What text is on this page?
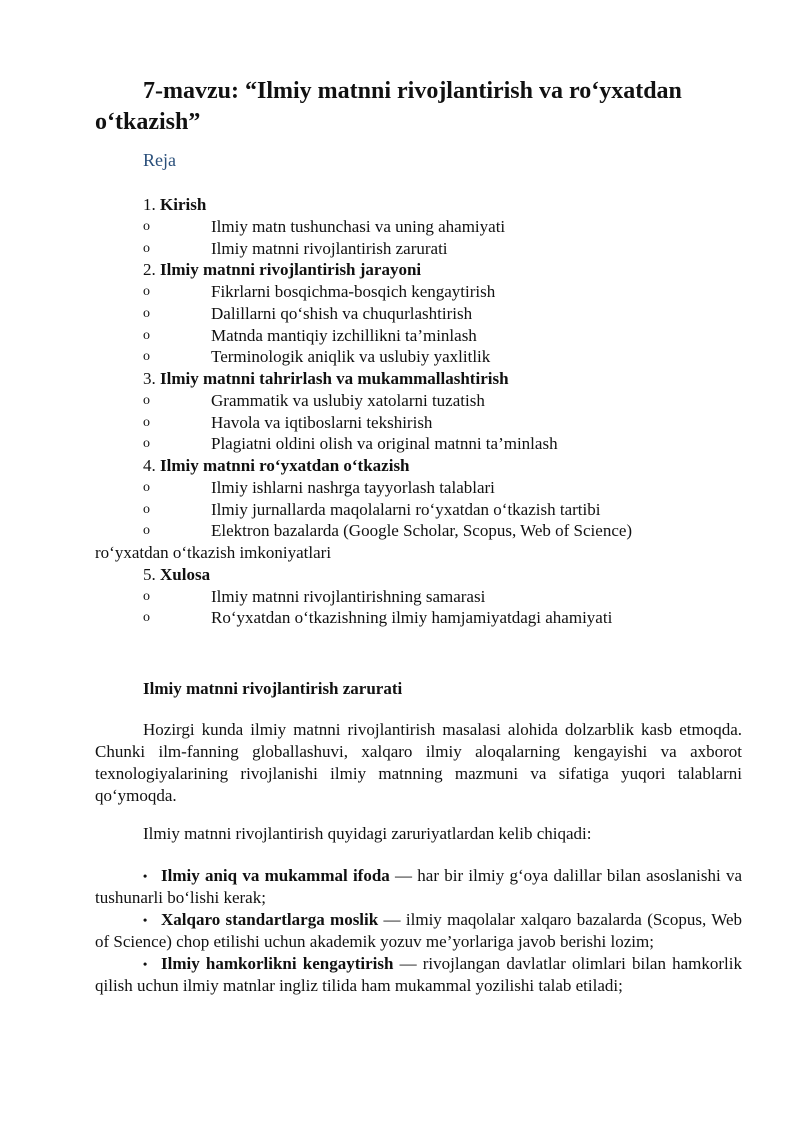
7-mavzu: “Ilmiy matnni rivojlantirish va ro‘yxatdan o‘tkazish”
Reja
1. Kirish
o	Ilmiy matn tushunchasi va uning ahamiyati
o	Ilmiy matnni rivojlantirish zarurati
2. Ilmiy matnni rivojlantirish jarayoni
o	Fikrlarni bosqichma-bosqich kengaytirish
o	Dalillarni qo‘shish va chuqurlashtirish
o	Matnda mantiqiy izchillikni ta’minlash
o	Terminologik aniqlik va uslubiy yaxlitlik
3. Ilmiy matnni tahrirlash va mukammallashtirish
o	Grammatik va uslubiy xatolarni tuzatish
o	Havola va iqtiboslarni tekshirish
o	Plagiatni oldini olish va original matnni ta’minlash
4. Ilmiy matnni ro‘yxatdan o‘tkazish
o	Ilmiy ishlarni nashrga tayyorlash talablari
o	Ilmiy jurnallarda maqolalarni ro‘yxatdan o‘tkazish tartibi
o	Elektron bazalarda (Google Scholar, Scopus, Web of Science)
ro‘yxatdan o‘tkazish imkoniyatlari
5. Xulosa
o	Ilmiy matnni rivojlantirishning samarasi
o	Ro‘yxatdan o‘tkazishning ilmiy hamjamiyatdagi ahamiyati
Ilmiy matnni rivojlantirish zarurati

Hozirgi kunda ilmiy matnni rivojlantirish masalasi alohida dolzarblik kasb etmoqda. Chunki ilm-fanning globallashuvi, xalqaro ilmiy aloqalarning kengayishi va axborot texnologiyalarining rivojlanishi ilmiy matnning mazmuni va sifatiga yuqori talablarni qo‘ymoqda.

Ilmiy matnni rivojlantirish quyidagi zaruriyatlardan kelib chiqadi:

• Ilmiy aniq va mukammal ifoda — har bir ilmiy g‘oya dalillar bilan asoslanishi va tushunarli bo‘lishi kerak;

• Xalqaro standartlarga moslik — ilmiy maqolalar xalqaro bazalarda (Scopus, Web of Science) chop etilishi uchun akademik yozuv me’yorlariga javob berishi lozim;

• Ilmiy hamkorlikni kengaytirish — rivojlangan davlatlar olimlari bilan hamkorlik qilish uchun ilmiy matnlar ingliz tilida ham mukammal yozilishi talab etiladi;
